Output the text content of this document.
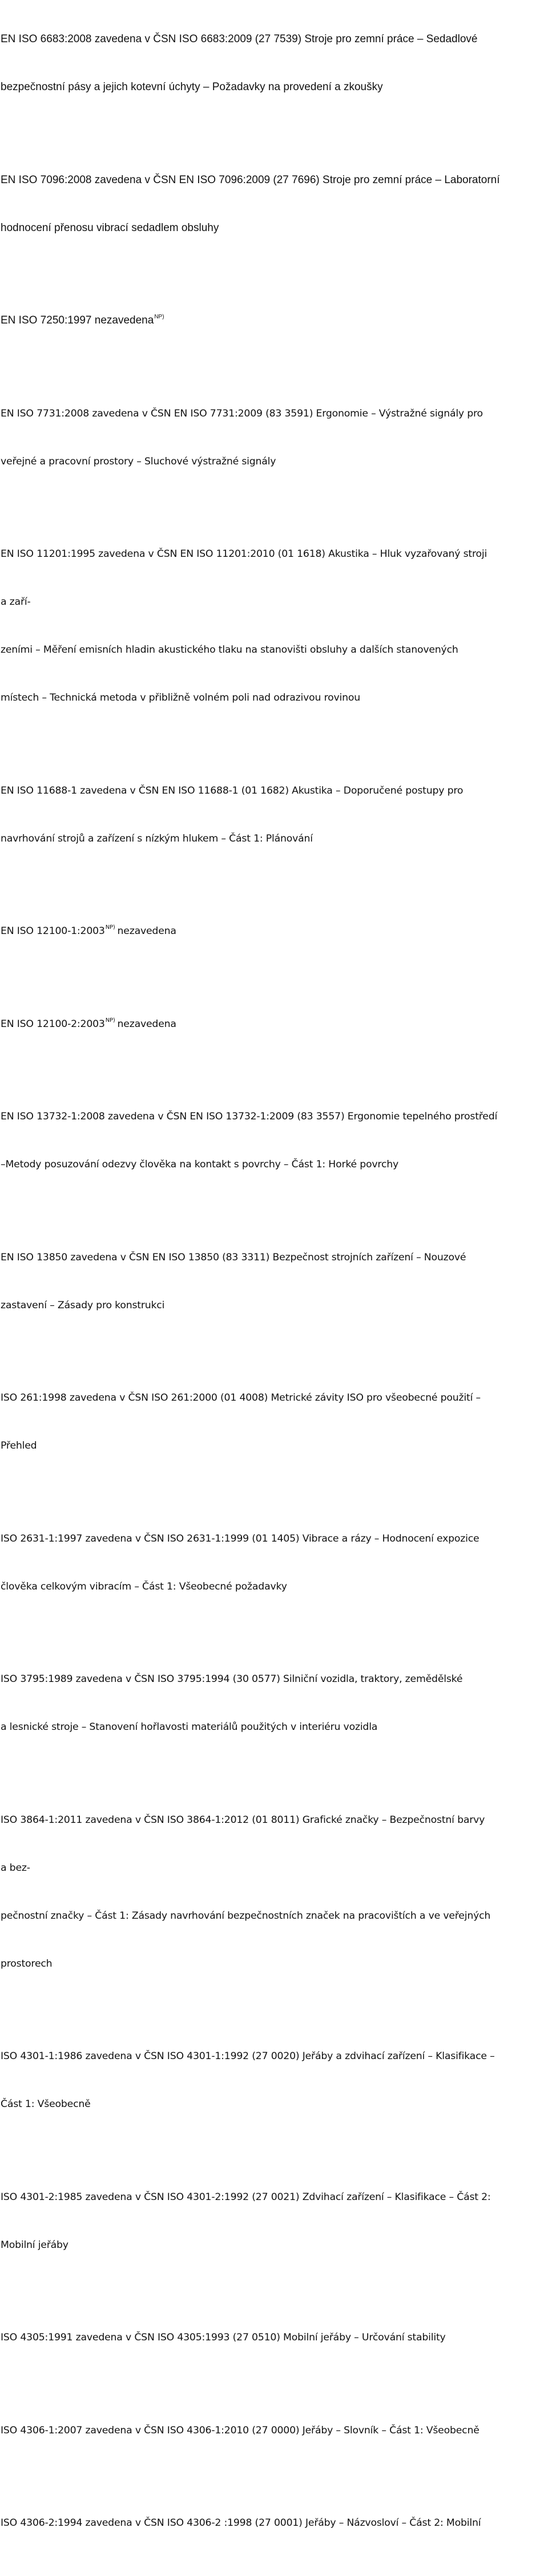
EN ISO 6683:2008 zavedena v ČSN ISO 6683:2009 (27 7539) Stroje pro zemní práce – Sedadlové

bezpečnostní pásy a jejich kotevní úchyty – Požadavky na provedení a zkoušky

EN ISO 7096:2008 zavedena v ČSN EN ISO 7096:2009 (27 7696) Stroje pro zemní práce – Laboratorní

hodnocení přenosu vibrací sedadlem obsluhy

EN ISO 7250:1997 nezavedena$^{NP)}$

EN ISO 7731:2008 zavedena v ČSN EN ISO 7731:2009 (83 3591) Ergonomie – Výstražné signály pro

veřejné a pracovní prostory – Sluchové výstražné signály

EN ISO 11201:1995 zavedena v ČSN EN ISO 11201:2010 (01 1618) Akustika – Hluk vyzařovaný stroji

a zaří-

zeními – Měření emisních hladin akustického tlaku na stanovišti obsluhy a dalších stanovených

místech – Technická metoda v přibližně volném poli nad odrazivou rovinou

EN ISO 11688-1 zavedena v ČSN EN ISO 11688-1 (01 1682) Akustika – Doporučené postupy pro

navrhování strojů a zařízení s nízkým hlukem – Část 1: Plánování

EN ISO $12100-1:2003^{NP)}$ nezavedena

EN ISO $12100-2:2003^{NP)}$ nezavedena

EN ISO 13732-1:2008 zavedena v ČSN EN ISO 13732-1:2009 (83 3557) Ergonomie tepelného prostředí

–Metody posuzování odezvy člověka na kontakt s povrchy – Část 1: Horké povrchy

EN ISO 13850 zavedena v ČSN EN ISO 13850 (83 3311) Bezpečnost strojních zařízení – Nouzové

zastavení – Zásady pro konstrukci

ISO 261:1998 zavedena v ČSN ISO 261:2000 (01 4008) Metrické závity ISO pro všeobecné použití –

Přehled

ISO 2631-1:1997 zavedena v ČSN ISO 2631-1:1999 (01 1405) Vibrace a rázy – Hodnocení expozice

člověka celkovým vibracím – Část 1: Všeobecné požadavky

ISO 3795:1989 zavedena v ČSN ISO 3795:1994 (30 0577) Silniční vozidla, traktory, zemědělské

a lesnické stroje – Stanovení hořlavosti materiálů použitých v interiéru vozidla

ISO 3864-1:2011 zavedena v ČSN ISO 3864-1:2012 (01 8011) Grafické značky – Bezpečnostní barvy

a bez-

pečnostní značky – Část 1: Zásady navrhování bezpečnostních značek na pracovištích a ve veřejných

prostorech

ISO 4301-1:1986 zavedena v ČSN ISO 4301-1:1992 (27 0020) Jeřáby a zdvihací zařízení – Klasifikace –

Část 1: Všeobecně

ISO 4301-2:1985 zavedena v ČSN ISO 4301-2:1992 (27 0021) Zdvihací zařízení – Klasifikace – Část 2:

Mobilní jeřáby

ISO 4305:1991 zavedena v ČSN ISO 4305:1993 (27 0510) Mobilní jeřáby – Určování stability

ISO 4306-1:2007 zavedena v ČSN ISO 4306-1:2010 (27 0000) Jeřáby – Slovník – Část 1: Všeobecně

ISO 4306-2:1994 zavedena v ČSN ISO 4306-2 :1998 (27 0001) Jeřáby – Názvosloví – Část 2: Mobilní
